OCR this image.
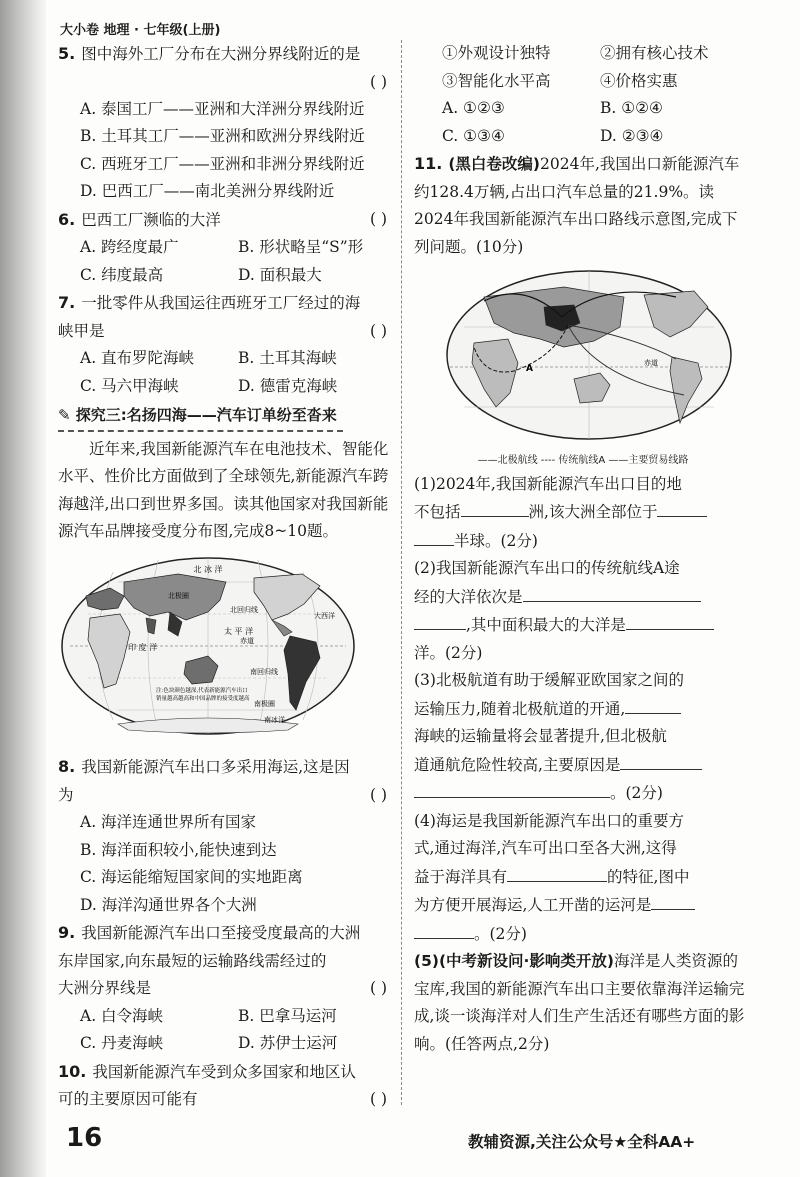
大小卷 地理 · 七年级(上册)

5. 图中海外工厂分布在大洲分界线附近的是

( )

A. 泰国工厂——亚洲和大洋洲分界线附近

B. 土耳其工厂——亚洲和欧洲分界线附近

C. 西班牙工厂——亚洲和非洲分界线附近

D. 巴西工厂——南北美洲分界线附近

6. 巴西工厂濒临的大洋	( )

A. 跨经度最广	B. 形状略呈“S”形
C. 纬度最高	D. 面积最大

7. 一批零件从我国运往西班牙工厂经过的海

峡甲是	( )

A. 直布罗陀海峡	B. 土耳其海峡
C. 马六甲海峡	D. 德雷克海峡
✎ 探究三:名扬四海——汽车订单纷至沓来

近年来,我国新能源汽车在电池技术、智能化水平、性价比方面做到了全球领先,新能源汽车跨海越洋,出口到世界多国。读其他国家对我国新能源汽车品牌接受度分布图,完成8~10题。

北 冰 洋
北极圈
北回归线
太 平 洋
赤道
印 度 洋
大西洋
南回归线
南极圈
南冰洋
注:色块颜色越深,代表新能源汽车出口
销量越高越高和中国品牌的接受度越高

8. 我国新能源汽车出口多采用海运,这是因

为	( )

A. 海洋连通世界所有国家

B. 海洋面积较小,能快速到达

C. 海运能缩短国家间的实地距离

D. 海洋沟通世界各个大洲

9. 我国新能源汽车出口至接受度最高的大洲

东岸国家,向东最短的运输路线需经过的

大洲分界线是	( )

A. 白令海峡	B. 巴拿马运河
C. 丹麦海峡	D. 苏伊士运河

10. 我国新能源汽车受到众多国家和地区认

可的主要原因可能有	( )

①外观设计独特	②拥有核心技术
③智能化水平高	④价格实惠
A. ①②③	B. ①②④
C. ①③④	D. ②③④

11. (黑白卷改编)2024年,我国出口新能源汽车约128.4万辆,占出口汽车总量的21.9%。读2024年我国新能源汽车出口路线示意图,完成下列问题。(10分)

A
赤道

——北极航线 ---- 传统航线A ——主要贸易线路

(1)2024年,我国新能源汽车出口目的地

不包括	洲,该大洲全部位于

半球。(2分)

(2)我国新能源汽车出口的传统航线A途

经的大洋依次是

,其中面积最大的大洋是

洋。(2分)

(3)北极航道有助于缓解亚欧国家之间的

运输压力,随着北极航道的开通,

海峡的运输量将会显著提升,但北极航

道通航危险性较高,主要原因是

。(2分)

(4)海运是我国新能源汽车出口的重要方

式,通过海洋,汽车可出口至各大洲,这得

益于海洋具有	的特征,图中

为方便开展海运,人工开凿的运河是

。(2分)

(5)(中考新设问·影响类开放)海洋是人类资源的宝库,我国的新能源汽车出口主要依靠海洋运输完成,谈一谈海洋对人们生产生活还有哪些方面的影响。(任答两点,2分)

16	教辅资源,关注公众号★全科AA+
